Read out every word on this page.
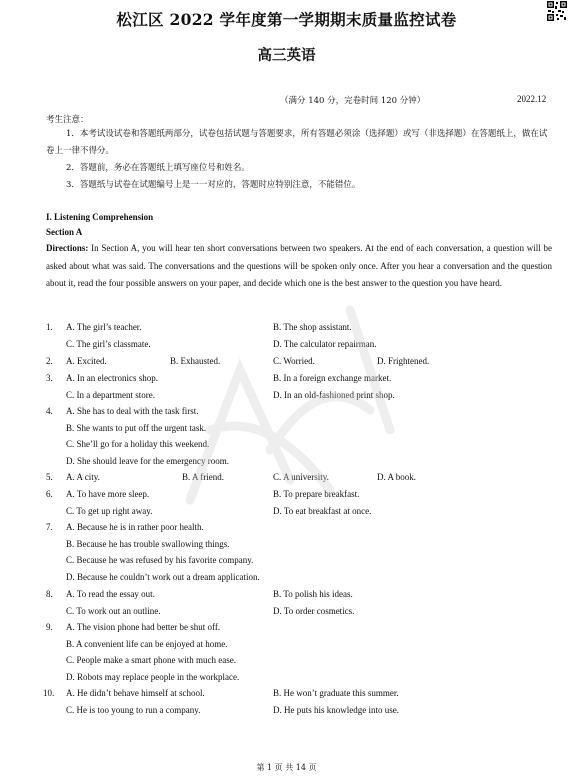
松江区 2022 学年度第一学期期末质量监控试卷
高三英语
（满分 140 分，完卷时间 120 分钟）	2022.12
考生注意：
1．本考试设试卷和答题纸两部分，试卷包括试题与答题要求，所有答题必须涂（选择题）或写（非选择题）在答题纸上，做在试卷上一律不得分。
2．答题前，务必在答题纸上填写座位号和姓名。
3．答题纸与试卷在试题编号上是一一对应的，答题时应特别注意，不能错位。
I. Listening Comprehension
Section A
Directions: In Section A, you will hear ten short conversations between two speakers. At the end of each conversation, a question will be asked about what was said. The conversations and the questions will be spoken only once. After you hear a conversation and the question about it, read the four possible answers on your paper, and decide which one is the best answer to the question you have heard.
1. A. The girl’s teacher.	B. The shop assistant.
C. The girl’s classmate.	D. The calculator repairman.
2. A. Excited.	B. Exhausted.	C. Worried.	D. Frightened.
3. A. In an electronics shop.	B. In a foreign exchange market.
C. In a department store.	D. In an old-fashioned print shop.
4. A. She has to deal with the task first.
B. She wants to put off the urgent task.
C. She’ll go for a holiday this weekend.
D. She should leave for the emergency room.
5. A. A city.	B. A friend.	C. A university.	D. A book.
6. A. To have more sleep.	B. To prepare breakfast.
C. To get up right away.	D. To eat breakfast at once.
7. A. Because he is in rather poor health.
B. Because he has trouble swallowing things.
C. Because he was refused by his favorite company.
D. Because he couldn’t work out a dream application.
8. A. To read the essay out.	B. To polish his ideas.
C. To work out an outline.	D. To order cosmetics.
9. A. The vision phone had better be shut off.
B. A convenient life can be enjoyed at home.
C. People make a smart phone with much ease.
D. Robots may replace people in the workplace.
10. A. He didn’t behave himself at school.	B. He won’t graduate this summer.
C. He is too young to run a company.	D. He puts his knowledge into use.
第 1 页 共 14 页
